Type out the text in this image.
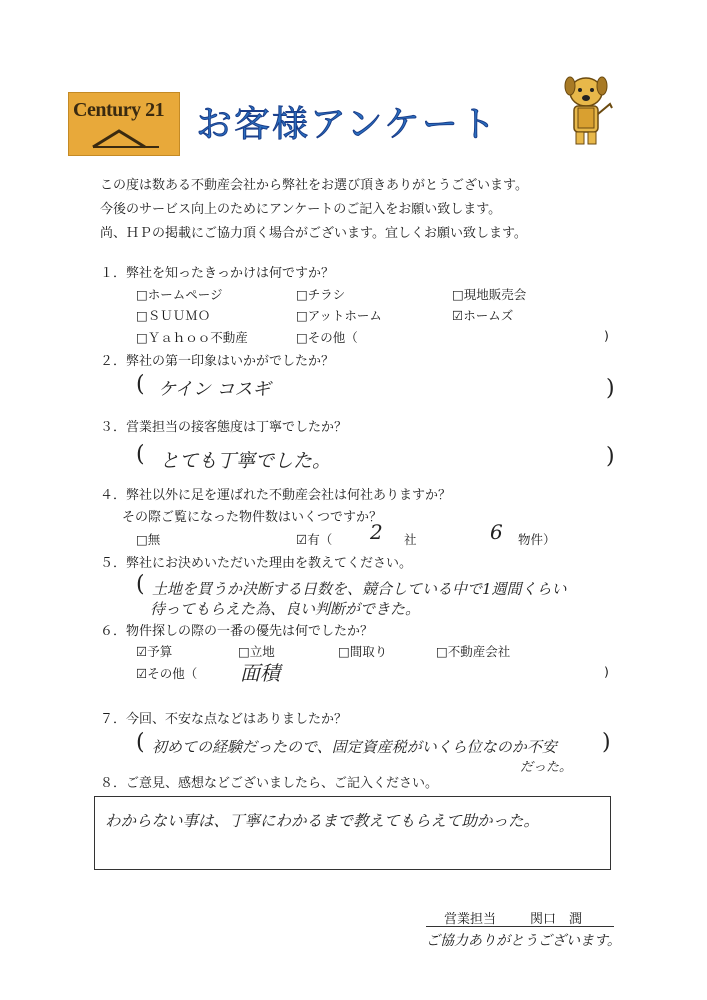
Century 21 お客様アンケート
この度は数ある不動産会社から弊社をお選び頂きありがとうございます。
今後のサービス向上のためにアンケートのご記入をお願い致します。
尚、ＨＰの掲載にご協力頂く場合がございます。宜しくお願い致します。
１．弊社を知ったきっかけは何ですか？
□ホームページ	□チラシ	□現地販売会
□ＳＵＵＭＯ	□アットホーム	☑ホームズ
□Ｙａｈｏｏ不動産	□その他（	)
２．弊社の第一印象はいかがでしたか？
( ケイン コスギ	)
３．営業担当の接客態度は丁寧でしたか？
( とても丁寧でした。	)
４．弊社以外に足を運ばれた不動産会社は何社ありますか？
その際ご覧になった物件数はいくつですか？
□無	☑有（ 2 社	6 物件）
５．弊社にお決めいただいた理由を教えてください。
( 土地を買うか決断する日数を、競合している中で1週間くらい
待ってもらえた為、良い判断ができた。
６．物件探しの際の一番の優先は何でしたか？
☑予算	□立地	□間取り	□不動産会社
☑その他（ 面積	)
７．今回、不安な点などはありましたか？
( 初めての経験だったので、固定資産税がいくら位なのか不安 )
だった。
８．ご意見、感想などございましたら、ご記入ください。
わからない事は、丁寧にわかるまで教えてもらえて助かった。
営業担当	関口　潤
ご協力ありがとうございます。
